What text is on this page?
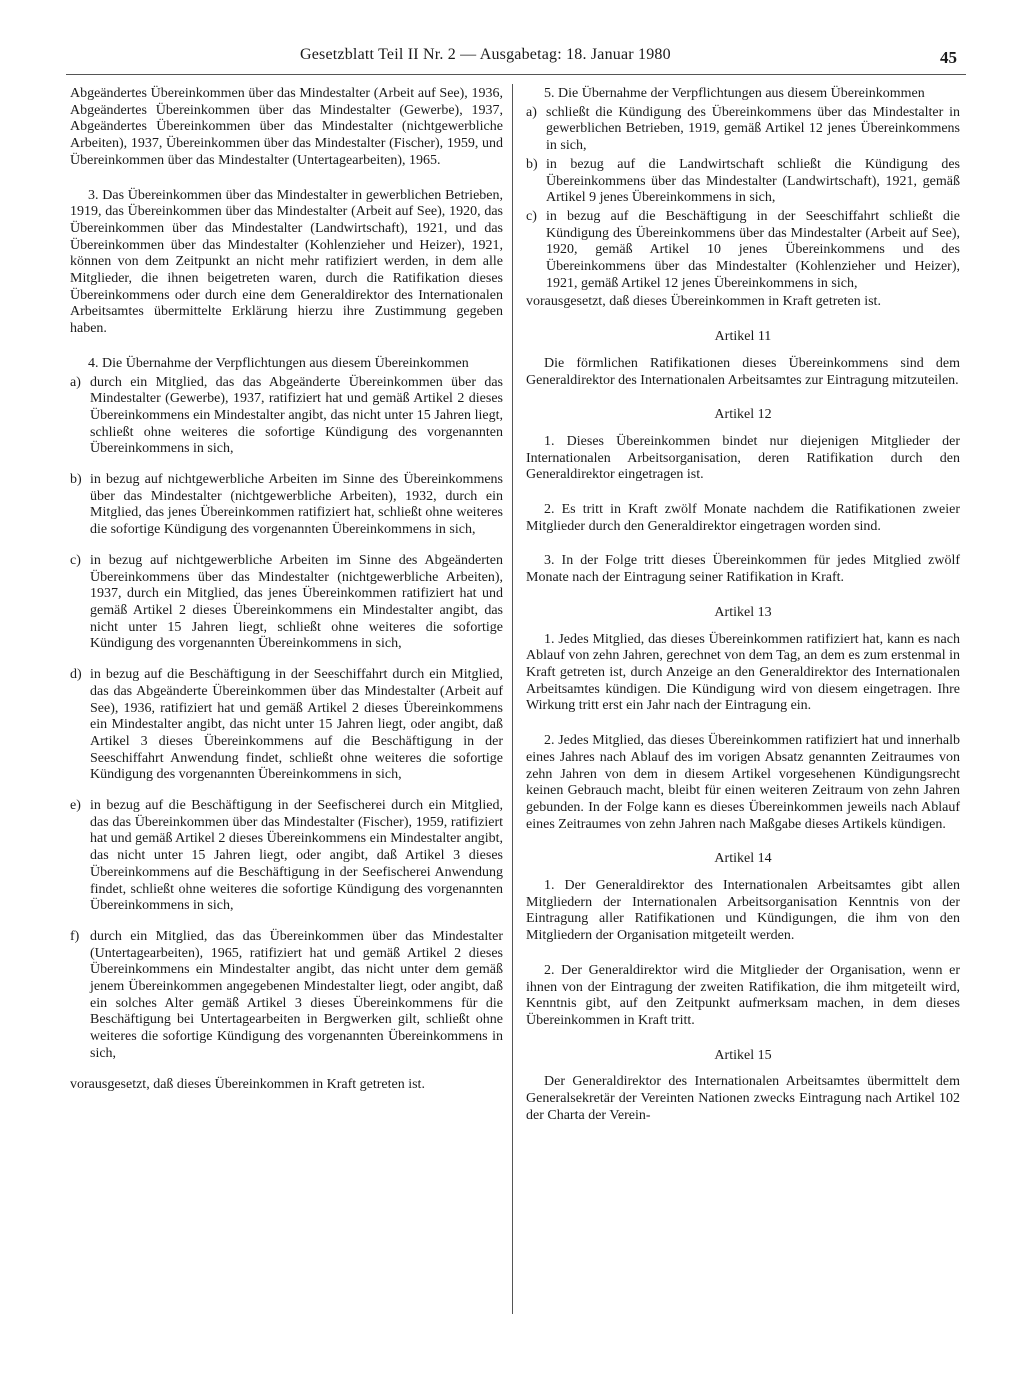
Gesetzblatt Teil II Nr. 2 — Ausgabetag: 18. Januar 1980	45

Abgeändertes Übereinkommen über das Mindestalter (Arbeit auf See), 1936, Abgeändertes Übereinkommen über das Mindestalter (Gewerbe), 1937, Abgeändertes Übereinkommen über das Mindestalter (nichtgewerbliche Arbeiten), 1937, Übereinkommen über das Mindestalter (Fischer), 1959, und Übereinkommen über das Mindestalter (Untertagearbeiten), 1965.

3. Das Übereinkommen über das Mindestalter in gewerblichen Betrieben, 1919, das Übereinkommen über das Mindestalter (Arbeit auf See), 1920, das Übereinkommen über das Mindestalter (Landwirtschaft), 1921, und das Übereinkommen über das Mindestalter (Kohlenzieher und Heizer), 1921, können von dem Zeitpunkt an nicht mehr ratifiziert werden, in dem alle Mitglieder, die ihnen beigetreten waren, durch die Ratifikation dieses Übereinkommens oder durch eine dem Generaldirektor des Internationalen Arbeitsamtes übermittelte Erklärung hierzu ihre Zustimmung gegeben haben.

4. Die Übernahme der Verpflichtungen aus diesem Übereinkommen

a) durch ein Mitglied, das das Abgeänderte Übereinkommen über das Mindestalter (Gewerbe), 1937, ratifiziert hat und gemäß Artikel 2 dieses Übereinkommens ein Mindestalter angibt, das nicht unter 15 Jahren liegt, schließt ohne weiteres die sofortige Kündigung des vorgenannten Übereinkommens in sich,
b) in bezug auf nichtgewerbliche Arbeiten im Sinne des Übereinkommens über das Mindestalter (nichtgewerbliche Arbeiten), 1932, durch ein Mitglied, das jenes Übereinkommen ratifiziert hat, schließt ohne weiteres die sofortige Kündigung des vorgenannten Übereinkommens in sich,
c) in bezug auf nichtgewerbliche Arbeiten im Sinne des Abgeänderten Übereinkommens über das Mindestalter (nichtgewerbliche Arbeiten), 1937, durch ein Mitglied, das jenes Übereinkommen ratifiziert hat und gemäß Artikel 2 dieses Übereinkommens ein Mindestalter angibt, das nicht unter 15 Jahren liegt, schließt ohne weiteres die sofortige Kündigung des vorgenannten Übereinkommens in sich,
d) in bezug auf die Beschäftigung in der Seeschiffahrt durch ein Mitglied, das das Abgeänderte Übereinkommen über das Mindestalter (Arbeit auf See), 1936, ratifiziert hat und gemäß Artikel 2 dieses Übereinkommens ein Mindestalter angibt, das nicht unter 15 Jahren liegt, oder angibt, daß Artikel 3 dieses Übereinkommens auf die Beschäftigung in der Seeschiffahrt Anwendung findet, schließt ohne weiteres die sofortige Kündigung des vorgenannten Übereinkommens in sich,
e) in bezug auf die Beschäftigung in der Seefischerei durch ein Mitglied, das das Übereinkommen über das Mindestalter (Fischer), 1959, ratifiziert hat und gemäß Artikel 2 dieses Übereinkommens ein Mindestalter angibt, das nicht unter 15 Jahren liegt, oder angibt, daß Artikel 3 dieses Übereinkommens auf die Beschäftigung in der Seefischerei Anwendung findet, schließt ohne weiteres die sofortige Kündigung des vorgenannten Übereinkommens in sich,
f) durch ein Mitglied, das das Übereinkommen über das Mindestalter (Untertagearbeiten), 1965, ratifiziert hat und gemäß Artikel 2 dieses Übereinkommens ein Mindestalter angibt, das nicht unter dem gemäß jenem Übereinkommen angegebenen Mindestalter liegt, oder angibt, daß ein solches Alter gemäß Artikel 3 dieses Übereinkommens für die Beschäftigung bei Untertagearbeiten in Bergwerken gilt, schließt ohne weiteres die sofortige Kündigung des vorgenannten Übereinkommens in sich,

vorausgesetzt, daß dieses Übereinkommen in Kraft getreten ist.

5. Die Übernahme der Verpflichtungen aus diesem Übereinkommen

a) schließt die Kündigung des Übereinkommens über das Mindestalter in gewerblichen Betrieben, 1919, gemäß Artikel 12 jenes Übereinkommens in sich,
b) in bezug auf die Landwirtschaft schließt die Kündigung des Übereinkommens über das Mindestalter (Landwirtschaft), 1921, gemäß Artikel 9 jenes Übereinkommens in sich,
c) in bezug auf die Beschäftigung in der Seeschiffahrt schließt die Kündigung des Übereinkommens über das Mindestalter (Arbeit auf See), 1920, gemäß Artikel 10 jenes Übereinkommens und des Übereinkommens über das Mindestalter (Kohlenzieher und Heizer), 1921, gemäß Artikel 12 jenes Übereinkommens in sich,

vorausgesetzt, daß dieses Übereinkommen in Kraft getreten ist.

Artikel 11

Die förmlichen Ratifikationen dieses Übereinkommens sind dem Generaldirektor des Internationalen Arbeitsamtes zur Eintragung mitzuteilen.

Artikel 12

1. Dieses Übereinkommen bindet nur diejenigen Mitglieder der Internationalen Arbeitsorganisation, deren Ratifikation durch den Generaldirektor eingetragen ist.

2. Es tritt in Kraft zwölf Monate nachdem die Ratifikationen zweier Mitglieder durch den Generaldirektor eingetragen worden sind.

3. In der Folge tritt dieses Übereinkommen für jedes Mitglied zwölf Monate nach der Eintragung seiner Ratifikation in Kraft.

Artikel 13

1. Jedes Mitglied, das dieses Übereinkommen ratifiziert hat, kann es nach Ablauf von zehn Jahren, gerechnet von dem Tag, an dem es zum erstenmal in Kraft getreten ist, durch Anzeige an den Generaldirektor des Internationalen Arbeitsamtes kündigen. Die Kündigung wird von diesem eingetragen. Ihre Wirkung tritt erst ein Jahr nach der Eintragung ein.

2. Jedes Mitglied, das dieses Übereinkommen ratifiziert hat und innerhalb eines Jahres nach Ablauf des im vorigen Absatz genannten Zeitraumes von zehn Jahren von dem in diesem Artikel vorgesehenen Kündigungsrecht keinen Gebrauch macht, bleibt für einen weiteren Zeitraum von zehn Jahren gebunden. In der Folge kann es dieses Übereinkommen jeweils nach Ablauf eines Zeitraumes von zehn Jahren nach Maßgabe dieses Artikels kündigen.

Artikel 14

1. Der Generaldirektor des Internationalen Arbeitsamtes gibt allen Mitgliedern der Internationalen Arbeitsorganisation Kenntnis von der Eintragung aller Ratifikationen und Kündigungen, die ihm von den Mitgliedern der Organisation mitgeteilt werden.

2. Der Generaldirektor wird die Mitglieder der Organisation, wenn er ihnen von der Eintragung der zweiten Ratifikation, die ihm mitgeteilt wird, Kenntnis gibt, auf den Zeitpunkt aufmerksam machen, in dem dieses Übereinkommen in Kraft tritt.

Artikel 15

Der Generaldirektor des Internationalen Arbeitsamtes übermittelt dem Generalsekretär der Vereinten Nationen zwecks Eintragung nach Artikel 102 der Charta der Verein-
